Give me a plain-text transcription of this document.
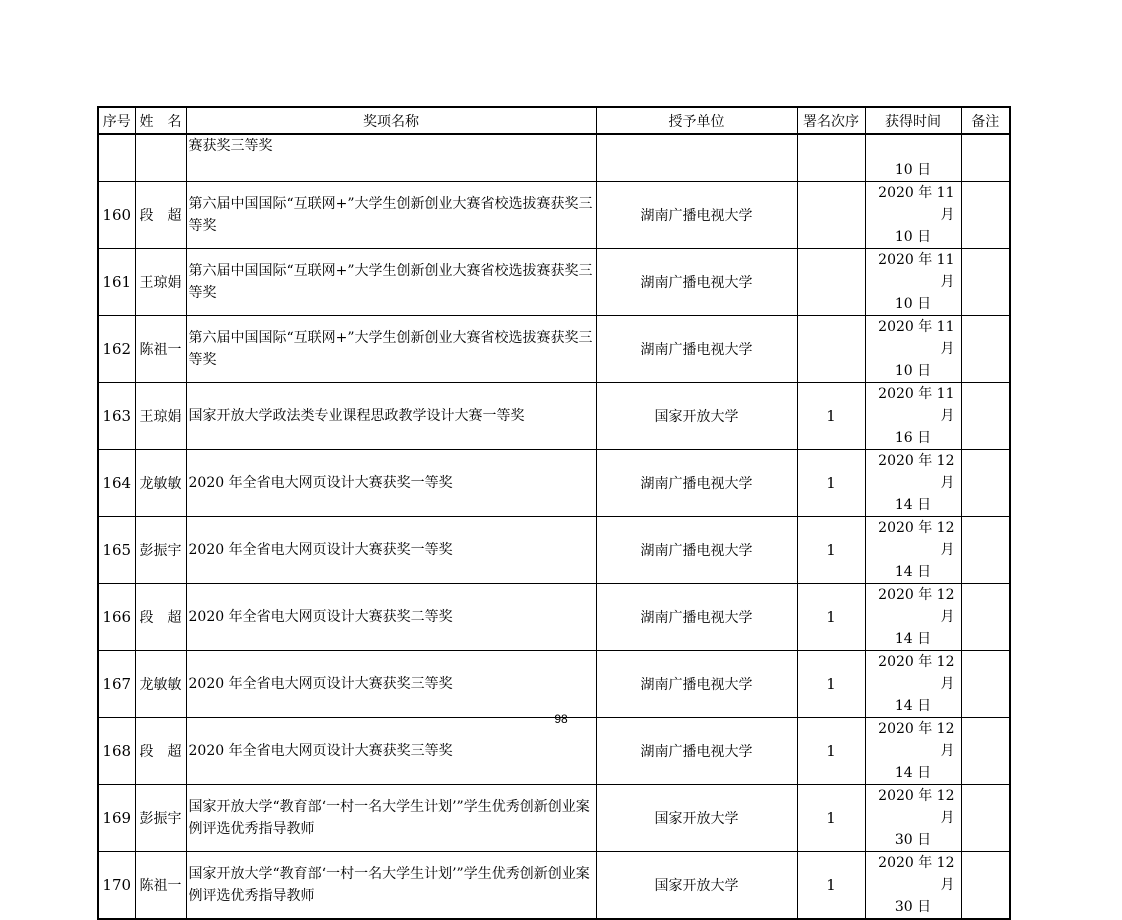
序号	姓　名	奖项名称	授予单位	署名次序	获得时间	备注
		赛获奖三等奖			10 日	

160	段　超	第六届中国国际“互联网+”大学生创新创业大赛省校选拔赛获奖三等奖	湖南广播电视大学		2020 年 11 月
10 日	

161	王琼娟	第六届中国国际“互联网+”大学生创新创业大赛省校选拔赛获奖三等奖	湖南广播电视大学		2020 年 11 月
10 日	

162	陈祖一	第六届中国国际“互联网+”大学生创新创业大赛省校选拔赛获奖三等奖	湖南广播电视大学		2020 年 11 月
10 日	

163	王琼娟	国家开放大学政法类专业课程思政教学设计大赛一等奖	国家开放大学	1	2020 年 11 月
16 日	

164	龙敏敏	2020 年全省电大网页设计大赛获奖一等奖	湖南广播电视大学	1	2020 年 12 月
14 日	

165	彭振宇	2020 年全省电大网页设计大赛获奖一等奖	湖南广播电视大学	1	2020 年 12 月
14 日	

166	段　超	2020 年全省电大网页设计大赛获奖二等奖	湖南广播电视大学	1	2020 年 12 月
14 日	

167	龙敏敏	2020 年全省电大网页设计大赛获奖三等奖	湖南广播电视大学	1	2020 年 12 月
14 日	

168	段　超	2020 年全省电大网页设计大赛获奖三等奖	湖南广播电视大学	1	2020 年 12 月
14 日	

169	彭振宇	国家开放大学“教育部‘一村一名大学生计划’”学生优秀创新创业案例评选优秀指导教师	国家开放大学	1	2020 年 12 月
30 日	

170	陈祖一	国家开放大学“教育部‘一村一名大学生计划’”学生优秀创新创业案例评选优秀指导教师	国家开放大学	1	2020 年 12 月
30 日	

98
